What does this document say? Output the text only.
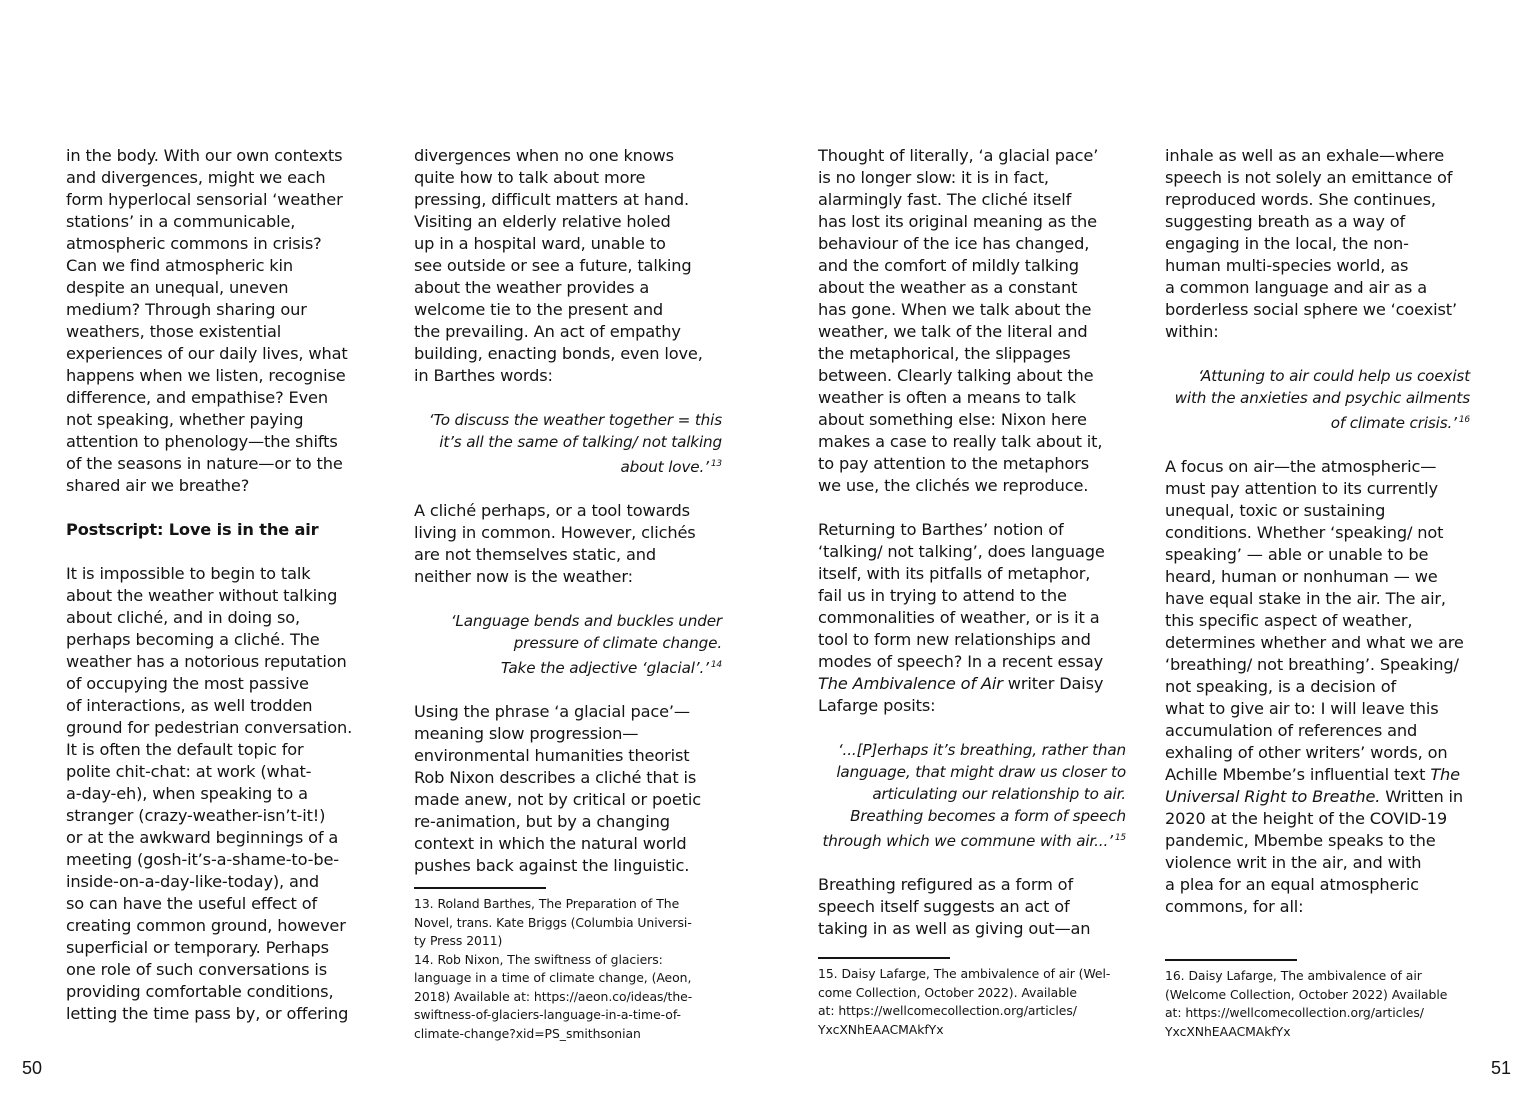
in the body. With our own contexts
and divergences, might we each
form hyperlocal sensorial ‘weather
stations’ in a communicable,
atmospheric commons in crisis?
Can we find atmospheric kin
despite an unequal, uneven
medium? Through sharing our
weathers, those existential
experiences of our daily lives, what
happens when we listen, recognise
difference, and empathise? Even
not speaking, whether paying
attention to phenology—the shifts
of the seasons in nature—or to the
shared air we breathe?

Postscript: Love is in the air

It is impossible to begin to talk
about the weather without talking
about cliché, and in doing so,
perhaps becoming a cliché. The
weather has a notorious reputation
of occupying the most passive
of interactions, as well trodden
ground for pedestrian conversation.
It is often the default topic for
polite chit-chat: at work (what-
a-day-eh), when speaking to a
stranger (crazy-weather-isn’t-it!)
or at the awkward beginnings of a
meeting (gosh-it’s-a-shame-to-be-
inside-on-a-day-like-today), and
so can have the useful effect of
creating common ground, however
superficial or temporary. Perhaps
one role of such conversations is
providing comfortable conditions,
letting the time pass by, or offering

divergences when no one knows
quite how to talk about more
pressing, difficult matters at hand.
Visiting an elderly relative holed
up in a hospital ward, unable to
see outside or see a future, talking
about the weather provides a
welcome tie to the present and
the prevailing. An act of empathy
building, enacting bonds, even love,
in Barthes words:

‘To discuss the weather together = this
it’s all the same of talking/ not talking
about love.’ $^{13}$

A cliché perhaps, or a tool towards
living in common. However, clichés
are not themselves static, and
neither now is the weather:

‘Language bends and buckles under
pressure of climate change.
Take the adjective ‘glacial’.’ $^{14}$

Using the phrase ‘a glacial pace’—
meaning slow progression—
environmental humanities theorist
Rob Nixon describes a cliché that is
made anew, not by critical or poetic
re-animation, but by a changing
context in which the natural world
pushes back against the linguistic.

13. Roland Barthes, The Preparation of The
Novel, trans. Kate Briggs (Columbia Universi-
ty Press 2011)
14. Rob Nixon, The swiftness of glaciers:
language in a time of climate change, (Aeon,
2018) Available at: https://aeon.co/ideas/the-
swiftness-of-glaciers-language-in-a-time-of-
climate-change?xid=PS_smithsonian

Thought of literally, ‘a glacial pace’
is no longer slow: it is in fact,
alarmingly fast. The cliché itself
has lost its original meaning as the
behaviour of the ice has changed,
and the comfort of mildly talking
about the weather as a constant
has gone. When we talk about the
weather, we talk of the literal and
the metaphorical, the slippages
between. Clearly talking about the
weather is often a means to talk
about something else: Nixon here
makes a case to really talk about it,
to pay attention to the metaphors
we use, the clichés we reproduce.

Returning to Barthes’ notion of
‘talking/ not talking’, does language
itself, with its pitfalls of metaphor,
fail us in trying to attend to the
commonalities of weather, or is it a
tool to form new relationships and
modes of speech? In a recent essay
The Ambivalence of Air writer Daisy
Lafarge posits:

‘...[P]erhaps it’s breathing, rather than
language, that might draw us closer to
articulating our relationship to air.
Breathing becomes a form of speech
through which we commune with air...’ $^{15}$

Breathing refigured as a form of
speech itself suggests an act of
taking in as well as giving out—an

15. Daisy Lafarge, The ambivalence of air (Wel-
come Collection, October 2022). Available
at: https://wellcomecollection.org/articles/
YxcXNhEAACMAkfYx

inhale as well as an exhale—where
speech is not solely an emittance of
reproduced words. She continues,
suggesting breath as a way of
engaging in the local, the non-
human multi-species world, as
a common language and air as a
borderless social sphere we ‘coexist’
within:

‘Attuning to air could help us coexist
with the anxieties and psychic ailments
of climate crisis.’ $^{16}$

A focus on air—the atmospheric—
must pay attention to its currently
unequal, toxic or sustaining
conditions. Whether ‘speaking/ not
speaking’ — able or unable to be
heard, human or nonhuman — we
have equal stake in the air. The air,
this specific aspect of weather,
determines whether and what we are
‘breathing/ not breathing’. Speaking/
not speaking, is a decision of
what to give air to: I will leave this
accumulation of references and
exhaling of other writers’ words, on
Achille Mbembe’s influential text The
Universal Right to Breathe. Written in
2020 at the height of the COVID-19
pandemic, Mbembe speaks to the
violence writ in the air, and with
a plea for an equal atmospheric
commons, for all:

16. Daisy Lafarge, The ambivalence of air
(Welcome Collection, October 2022) Available
at: https://wellcomecollection.org/articles/
YxcXNhEAACMAkfYx
50	51
